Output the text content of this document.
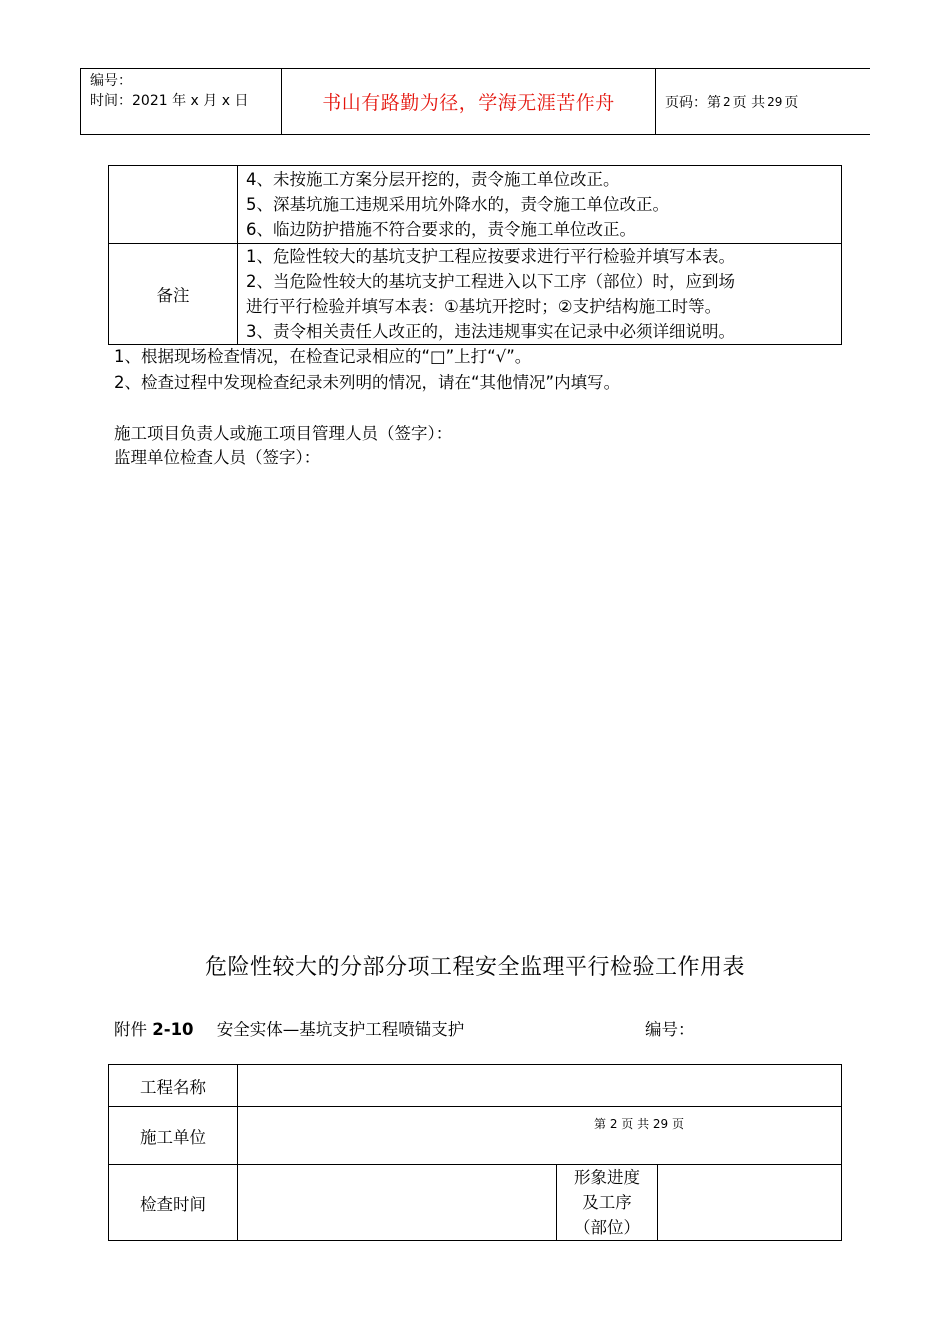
编号：
时间：2021 年 x 月 x 日	书山有路勤为径，学海无涯苦作舟	页码：第 2 页 共 29 页

	4、未按施工方案分层开挖的，责令施工单位改正。

5、深基坑施工违规采用坑外降水的，责令施工单位改正。

6、临边防护措施不符合要求的，责令施工单位改正。

备注	1、危险性较大的基坑支护工程应按要求进行平行检验并填写本表。

2、当危险性较大的基坑支护工程进入以下工序（部位）时，应到场

进行平行检验并填写本表：①基坑开挖时；②支护结构施工时等。

3、责令相关责任人改正的，违法违规事实在记录中必须详细说明。

1、根据现场检查情况，在检查记录相应的“□”上打“√”。
2、检查过程中发现检查纪录未列明的情况，请在“其他情况”内填写。
施工项目负责人或施工项目管理人员（签字）：
监理单位检查人员（签字）：
危险性较大的分部分项工程安全监理平行检验工作用表
附件 2-10 安全实体—基坑支护工程喷锚支护	编号：
工程名称			
施工单位	第 2 页 共 29 页		
检查时间		形象进度
及工序
（部位）	
